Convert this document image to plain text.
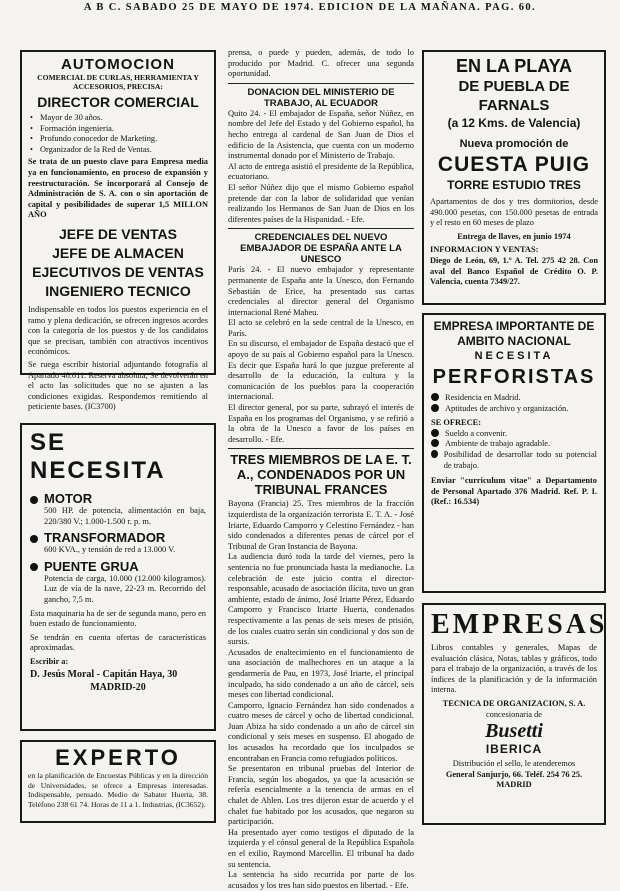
A B C. SABADO 25 DE MAYO DE 1974. EDICION DE LA MAÑANA. PAG. 60.
AUTOMOCION
COMERCIAL DE CURLAS, HERRAMIENTA Y ACCESORIOS, PRECISA:
DIRECTOR COMERCIAL
• Mayor de 30 años.
• Formación ingenieria.
• Profundo conocedor de Marketing.
• Organizador de la Red de Ventas.

Se trata de un puesto clave para Empresa media ya en funcionamiento, en proceso de expansión y reestructuración. Se incorporará al Consejo de Administración de S. A. con o sin aportación de capital y posibilidades de superar 1,5 MILLON AÑO

JEFE DE VENTAS
JEFE DE ALMACEN
EJECUTIVOS DE VENTAS
INGENIERO TECNICO

Indispensable en todos los puestos experiencia en el ramo y plena dedicación, se ofrecen ingresos acordes con la categoría de los puestos y de los candidatos que se precisan, también con atractivos incentivos económicos.

Se ruega escribir historial adjuntando fotografía al Apartado 40.611. Reserva absoluta, Se devolverán en el acto las solicitudes que no se ajusten a las condiciones exigidas. Respondemos remitiendo al peticiente bases. (IC3700)

SE NECESITA
MOTOR

500 HP. de potencia, alimentación en baja, 220/380 V.; 1.000-1.500 r. p. m.

TRANSFORMADOR

600 KVA., y tensión de red a 13.000 V.

PUENTE GRUA

Potencia de carga, 10.000 (12.000 kilogramos). Luz de vía de la nave, 22-23 m. Recorrido del gancho, 7,5 m.

Esta maquinaria ha de ser de segunda mano, pero en buen estado de funcionamiento.

Se tendrán en cuenta ofertas de características aproximadas.

Escribir a:
D. Jesús Moral - Capitán Haya, 30
MADRID-20
EXPERTO

en la planificación de Encuestas Públicas y en la dirección de Universidades, se ofrece a Empresas interesadas. Indispensable, pensado. Medio de Sabater Huerta, 38. Teléfono 238 61 74. Horas de 11 a 1. Industrias, (IC3652).

prensa, o puede y pueden, además, de todo lo producido por Madrid. C. ofrecer una segunda oportunidad.

DONACION DEL MINISTERIO DE TRABAJO, AL ECUADOR

Quito 24. - El embajador de España, señor Núñez, en nombre del Jefe del Estado y del Gobierno español, ha hecho entrega al cardenal de San Juan de Dios el edificio de la Asistencia, que cuenta con un moderno instrumental donado por el Ministerio de Trabajo.

Al acto de entrega asistió el presidente de la República, ecuatoriano.

El señor Núñez dijo que el mismo Gobierno español pretende dar con la labor de solidaridad que venían realizando los Hermanos de San Juan de Dios en los diferentes países de la Hispanidad. - Efe.

CREDENCIALES DEL NUEVO EMBAJADOR DE ESPAÑA ANTE LA UNESCO

París 24. - El nuevo embajador y representante permanente de España ante la Unesco, don Fernando Sebastián de Erice, ha presentado sus cartas credenciales al director general del Organismo internacional René Maheu.

El acto se celebró en la sede central de la Unesco, en París.

En su discurso, el embajador de España destacó que el apoyo de su país al Gobierno español para la Unesco. Es decir que España hará lo que juzgue preferente al desarrollo de la educación, la cultura y la comunicación de los pueblos para la cooperación internacional.

El director general, por su parte, subrayó el interés de España en los programas del Organismo, y se refirió a la obra de la Unesco a favor de los países en desarrollo. - Efe.

TRES MIEMBROS DE LA E. T. A., CONDENADOS POR UN TRIBUNAL FRANCES

Bayona (Francia) 25. Tres miembros de la fracción izquierdista de la organización terrorista E. T. A. - José Iriarte, Eduardo Camporro y Celestino Fernández - han sido condenados a diferentes penas de cárcel por el Tribunal de Gran Instancia de Bayona.

La audiencia duró toda la tarde del viernes, pero la sentencia no fue pronunciada hasta la medianoche. La celebración de este juicio contra el director-responsable, acusado de asociación ilícita, tuvo un gran ambiente, estado de ánimo, José Iriarte Pérez, Eduardo Camporro y Francisco Iriarte Huerta, condenados respectivamente a las penas de seis meses de prisión, de los cuales cuatro serán sin condicional y dos son de sursis.

Acusados de enaltecimiento en el funcionamiento de una asociación de malhechores en un ataque a la gendarmería de Pau, en 1973, José Iriarte, el principal inculpado, ha sido condenado a un año de cárcel, seis meses con libertad condicional.

Camporro, Ignacio Fernández han sido condenados a cuatro meses de cárcel y ocho de libertad condicional. Juan Abiza ha sido condenado a un año de cárcel sin condicional y seis meses en suspenso. El abogado de los acusados ha recordado que los inculpados se encontraban en Francia como refugiados políticos.

Se presentaron en tribunal pruebas del Interior de Francia, según los abogados, ya que la acusación se refería esencialmente a la tenencia de armas en el chalet de Ahlen. Los tres dijeron estar de acuerdo y el chalet fue habitado por los acusados, que negaron su participación.

Ha presentado ayer como testigos el diputado de la izquierda y el cónsul general de la República Española en el exilio, Raymond Marcellin. El tribunal ha dado su sentencia.

La sentencia ha sido recurrida por parte de los acusados y los tres han sido puestos en libertad. - Efe.

EN LA PLAYA
DE PUEBLA DE FARNALS
(a 12 Kms. de Valencia)
Nueva promoción de
CUESTA PUIG
TORRE ESTUDIO TRES

Apartamentos de dos y tres dormitorios, desde 490.000 pesetas, con 150.000 pesetas de entrada y el resto en 60 meses de plazo

Entrega de llaves, en junio 1974

INFORMACION Y VENTAS:

Diego de León, 69, 1.º A. Tel. 275 42 28. Con aval del Banco Español de Crédito O. P. Valencia, cuenta 7349/27.

EMPRESA IMPORTANTE DE
AMBITO NACIONAL
NECESITA
PERFORISTAS
Residencia en Madrid.
Aptitudes de archivo y organización.
SE OFRECE:
Sueldo a convenir.
Ambiente de trabajo agradable.
Posibilidad de desarrollar todo su potencial de trabajo.

Enviar "curriculum vitae" a Departamento de Personal Apartado 376 Madrid. Ref. P. I. (Ref.: 16.534)

EMPRESAS

Libros contables y generales, Mapas de evaluación clásica, Notas, tablas y gráficos, todo para el trabajo de la organización, a través de los índices de la planificación y de la información interna.

TECNICA DE ORGANIZACION, S. A.
concesionaria de
Busetti
IBERICA

Distribución el sello, le atenderemos

General Sanjurjo, 66. Teléf. 254 76 25. MADRID
